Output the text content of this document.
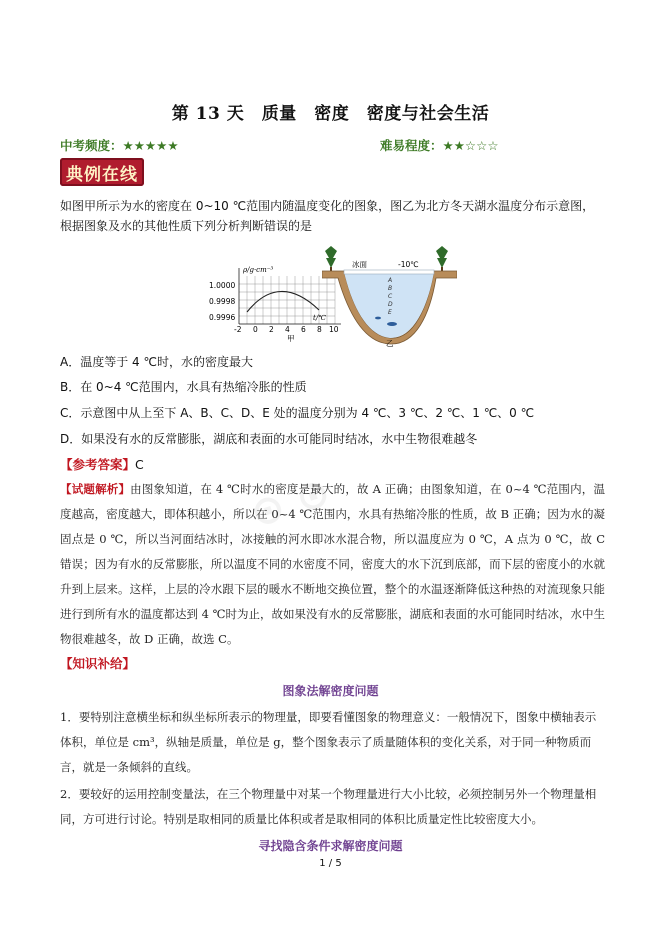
⊙ ⊙
第 13 天　质量　密度　密度与社会生活
中考频度：★★★★★	难易程度：★★☆☆☆
典例在线
如图甲所示为水的密度在 0~10 ℃范围内随温度变化的图象，图乙为北方冬天湖水温度分布示意图，根据图象及水的其他性质下列分析判断错误的是
ρ/g·cm⁻³
1.0000
0.9998
0.9996
-2 0 2 4 6 8 10
t/℃
甲
冰面	-10℃
A
B
C
D
E
乙
A．温度等于 4 ℃时，水的密度最大
B．在 0~4 ℃范围内，水具有热缩冷胀的性质
C．示意图中从上至下 A、B、C、D、E 处的温度分别为 4 ℃、3 ℃、2 ℃、1 ℃、0 ℃
D．如果没有水的反常膨胀，湖底和表面的水可能同时结冰，水中生物很难越冬
【参考答案】C
【试题解析】由图象知道，在 4 ℃时水的密度是最大的，故 A 正确；由图象知道，在 0~4 ℃范围内，温度越高，密度越大，即体积越小，所以在 0~4 ℃范围内，水具有热缩冷胀的性质，故 B 正确；因为水的凝固点是 0 ℃，所以当河面结冰时，冰接触的河水即冰水混合物，所以温度应为 0 ℃，A 点为 0 ℃，故 C 错误；因为有水的反常膨胀，所以温度不同的水密度不同，密度大的水下沉到底部，而下层的密度小的水就升到上层来。这样，上层的冷水跟下层的暖水不断地交换位置，整个的水温逐渐降低这种热的对流现象只能进行到所有水的温度都达到 4 ℃时为止，故如果没有水的反常膨胀，湖底和表面的水可能同时结冰，水中生物很难越冬，故 D 正确，故选 C。
【知识补给】
图象法解密度问题
1．要特别注意横坐标和纵坐标所表示的物理量，即要看懂图象的物理意义：一般情况下，图象中横轴表示体积，单位是 cm³，纵轴是质量，单位是 g，整个图象表示了质量随体积的变化关系，对于同一种物质而言，就是一条倾斜的直线。
2．要较好的运用控制变量法，在三个物理量中对某一个物理量进行大小比较，必须控制另外一个物理量相同，方可进行讨论。特别是取相同的质量比体积或者是取相同的体积比质量定性比较密度大小。
寻找隐含条件求解密度问题
1 / 5
